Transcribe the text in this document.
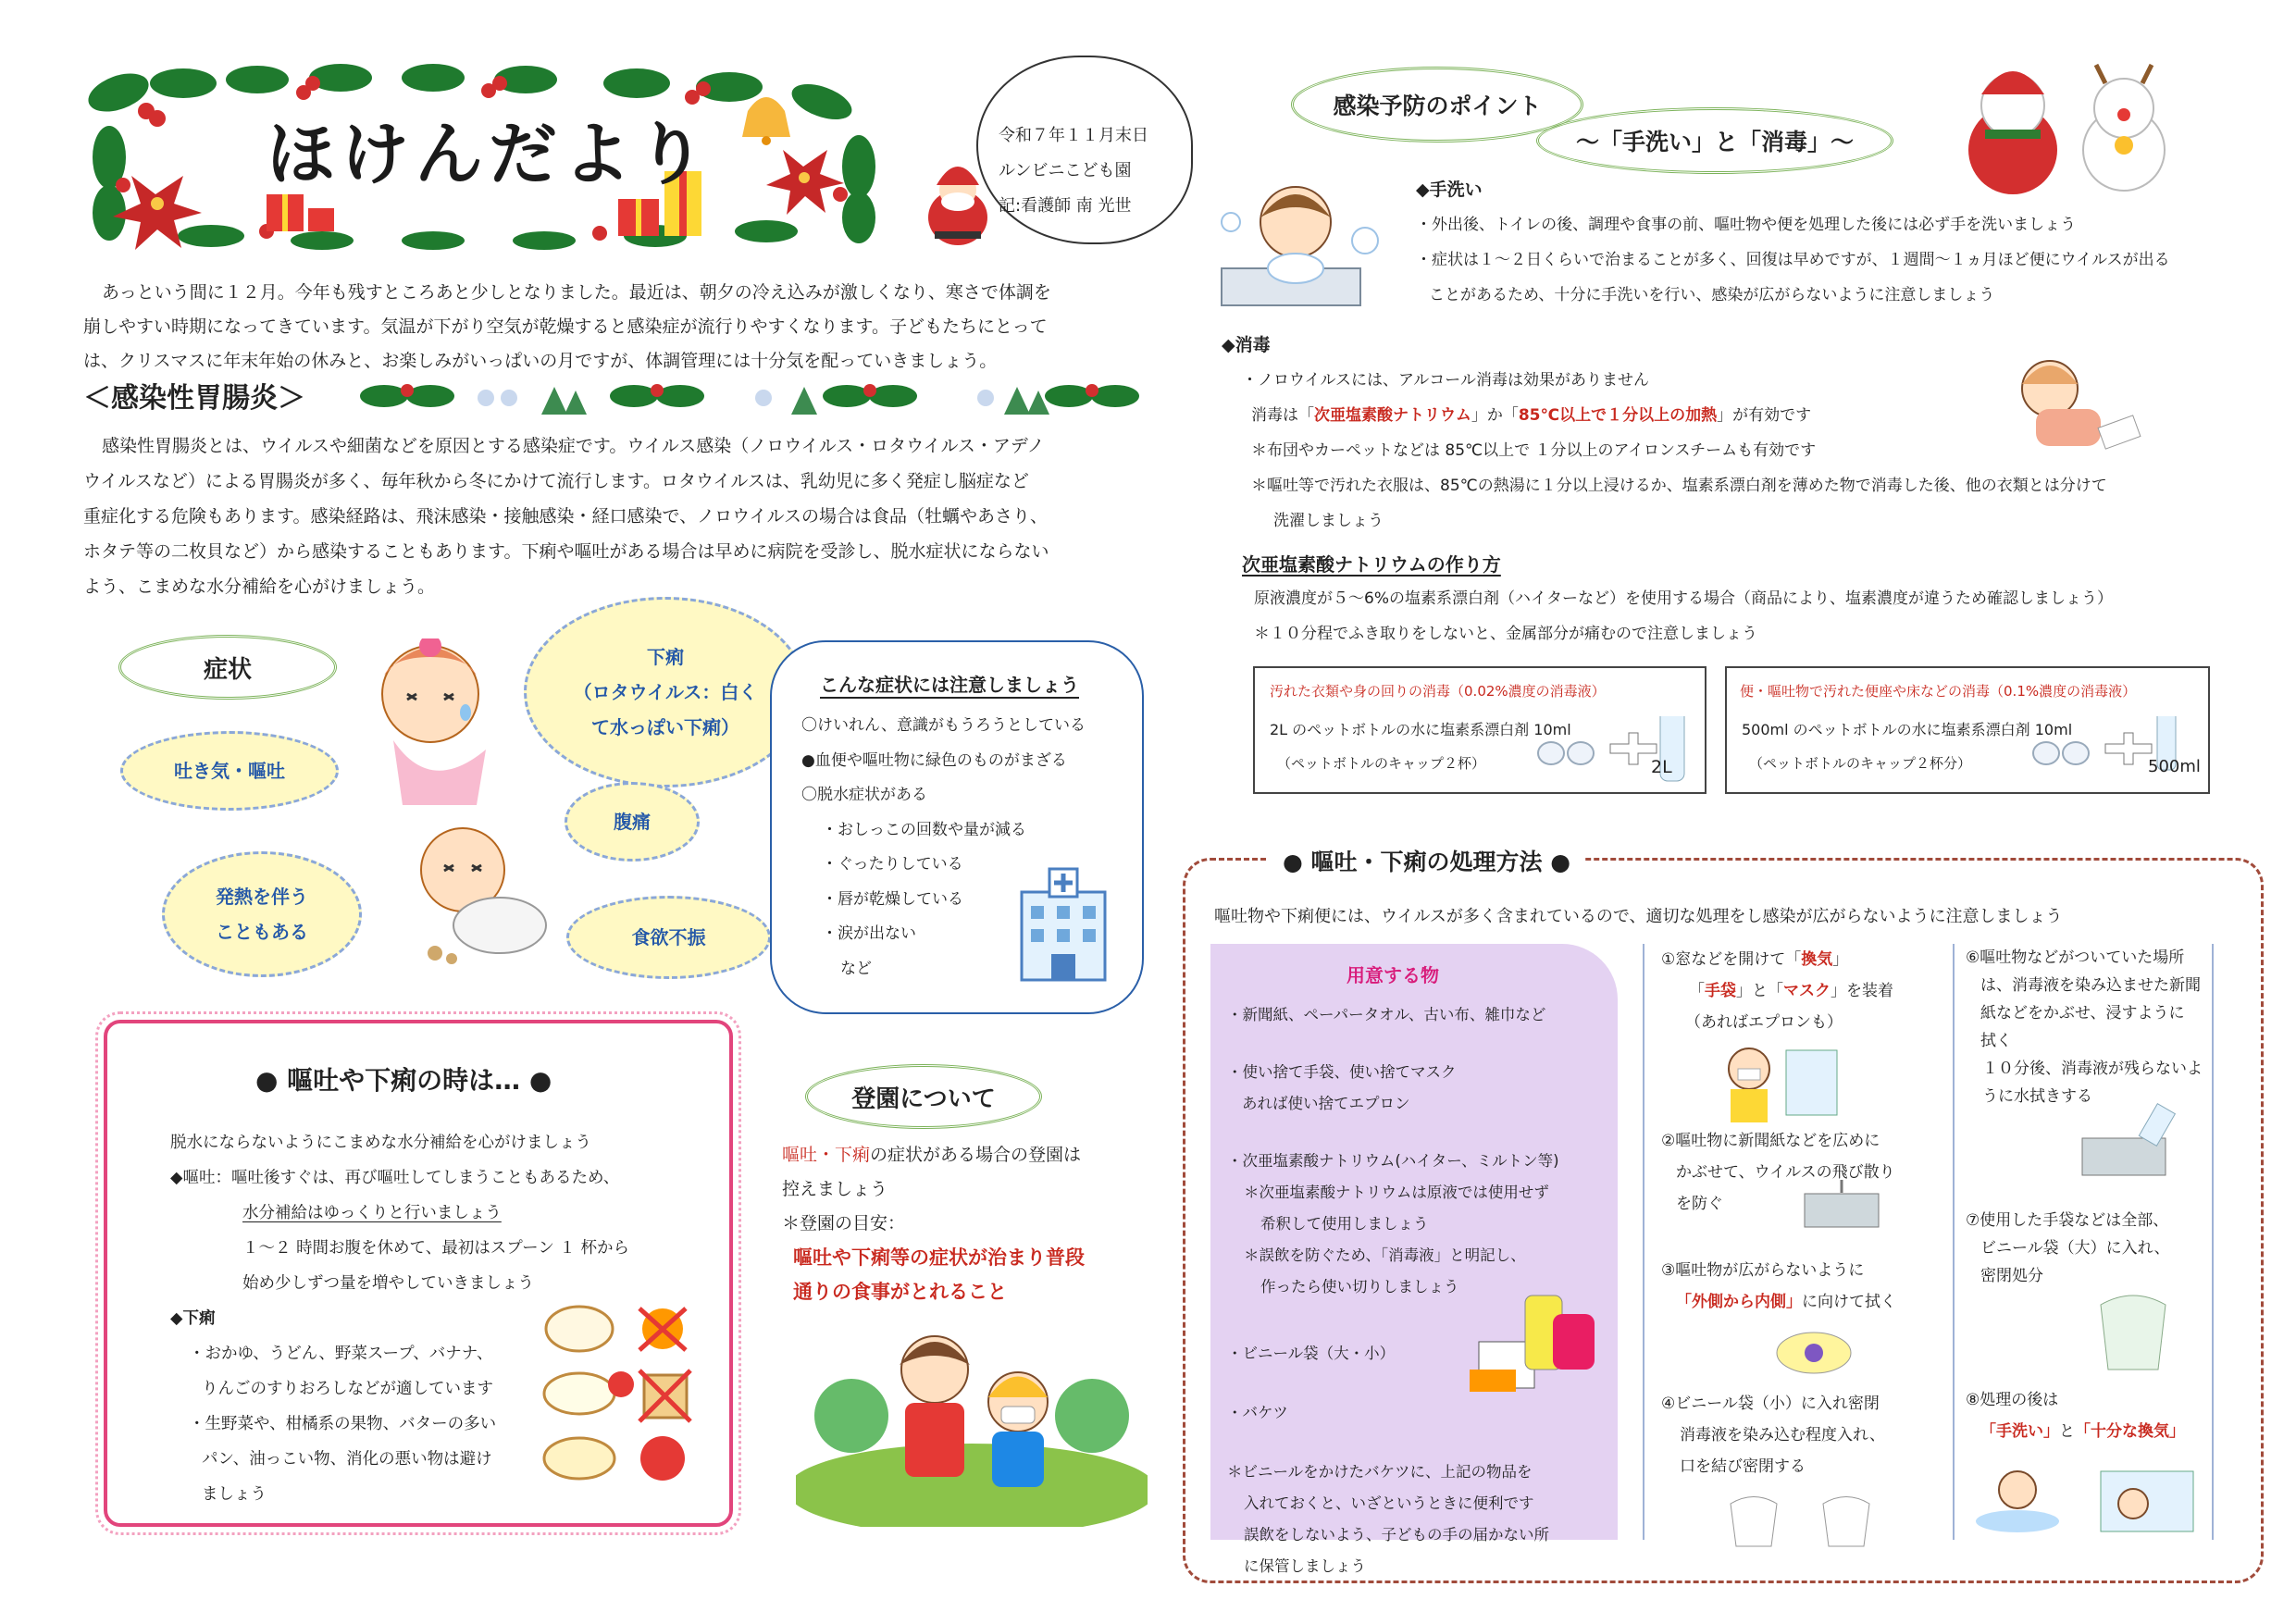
ほけんだより	令和７年１１月末日
ルンビニこども園
記:看護師 南 光世
あっという間に１２月。今年も残すところあと少しとなりました。最近は、朝夕の冷え込みが激しくなり、寒さで体調を
崩しやすい時期になってきています。気温が下がり空気が乾燥すると感染症が流行りやすくなります。子どもたちにとって
は、クリスマスに年末年始の休みと、お楽しみがいっぱいの月ですが、体調管理には十分気を配っていきましょう。
＜感染性胃腸炎＞
感染性胃腸炎とは、ウイルスや細菌などを原因とする感染症です。ウイルス感染（ノロウイルス・ロタウイルス・アデノ
ウイルスなど）による胃腸炎が多く、毎年秋から冬にかけて流行します。ロタウイルスは、乳幼児に多く発症し脳症など
重症化する危険もあります。感染経路は、飛沫感染・接触感染・経口感染で、ノロウイルスの場合は食品（牡蠣やあさり、
ホタテ等の二枚貝など）から感染することもあります。下痢や嘔吐がある場合は早めに病院を受診し、脱水症状にならない
よう、こまめな水分補給を心がけましょう。
症状	下痢
（ロタウイルス：白く
て水っぽい下痢）
吐き気・嘔吐
腹痛
発熱を伴う
こともある	食欲不振
こんな症状には注意しましょう
〇けいれん、意識がもうろうとしている
●血便や嘔吐物に緑色のものがまざる
〇脱水症状がある
・おしっこの回数や量が減る
・ぐったりしている
・唇が乾燥している
・涙が出ない
など
● 嘔吐や下痢の時は… ●
脱水にならないようにこまめな水分補給を心がけましょう
◆嘔吐：嘔吐後すぐは、再び嘔吐してしまうこともあるため、
水分補給はゆっくりと行いましょう
１～２ 時間お腹を休めて、最初はスプーン １ 杯から
始め少しずつ量を増やしていきましょう
◆下痢
・おかゆ、うどん、野菜スープ、バナナ、
りんごのすりおろしなどが適しています
・生野菜や、柑橘系の果物、バターの多い
パン、油っこい物、消化の悪い物は避け
ましょう
登園について
嘔吐・下痢の症状がある場合の登園は
控えましょう
＊登園の目安：
嘔吐や下痢等の症状が治まり普段
通りの食事がとれること
感染予防のポイント
～「手洗い」と「消毒」～
◆手洗い
・外出後、トイレの後、調理や食事の前、嘔吐物や便を処理した後には必ず手を洗いましょう
・症状は１～２日くらいで治まることが多く、回復は早めですが、１週間～１ヵ月ほど便にウイルスが出る
ことがあるため、十分に手洗いを行い、感染が広がらないように注意しましょう
◆消毒
・ノロウイルスには、アルコール消毒は効果がありません
消毒は「次亜塩素酸ナトリウム」か「85℃以上で１分以上の加熱」が有効です
＊布団やカーペットなどは 85℃以上で １分以上のアイロンスチームも有効です
＊嘔吐等で汚れた衣服は、85℃の熱湯に１分以上浸けるか、塩素系漂白剤を薄めた物で消毒した後、他の衣類とは分けて
洗濯しましょう
次亜塩素酸ナトリウムの作り方
原液濃度が５～6%の塩素系漂白剤（ハイターなど）を使用する場合（商品により、塩素濃度が違うため確認しましょう）
＊１０分程でふき取りをしないと、金属部分が痛むので注意しましょう
汚れた衣類や身の回りの消毒（0.02%濃度の消毒液）
2L のペットボトルの水に塩素系漂白剤 10ml
（ペットボトルのキャップ２杯）	2L
便・嘔吐物で汚れた便座や床などの消毒（0.1%濃度の消毒液）
500ml のペットボトルの水に塩素系漂白剤 10ml
（ペットボトルのキャップ２杯分）	500ml
● 嘔吐・下痢の処理方法 ●
嘔吐物や下痢便には、ウイルスが多く含まれているので、適切な処理をし感染が広がらないように注意しましょう
用意する物
・新聞紙、ペーパータオル、古い布、雑巾など
・使い捨て手袋、使い捨てマスク
あれば使い捨てエプロン
・次亜塩素酸ナトリウム(ハイター、ミルトン等)
＊次亜塩素酸ナトリウムは原液では使用せず
希釈して使用しましょう
＊誤飲を防ぐため、「消毒液」と明記し、
作ったら使い切りしましょう
・ビニール袋（大・小）
・バケツ
＊ビニールをかけたバケツに、上記の物品を
入れておくと、いざというときに便利です
誤飲をしないよう、子どもの手の届かない所
に保管しましょう

①窓などを開けて「換気」

「手袋」と「マスク」を装着

（あればエプロンも）

②嘔吐物に新聞紙などを広めに

かぶせて、ウイルスの飛び散り

を防ぐ

③嘔吐物が広がらないように

「外側から内側」に向けて拭く

④ビニール袋（小）に入れ密閉

消毒液を染み込む程度入れ、

口を結び密閉する

⑥嘔吐物などがついていた場所

は、消毒液を染み込ませた新聞

紙などをかぶせ、浸すように

拭く

１０分後、消毒液が残らないよ

うに水拭きする

⑦使用した手袋などは全部、

ビニール袋（大）に入れ、

密閉処分

⑧処理の後は

「手洗い」と「十分な換気」
